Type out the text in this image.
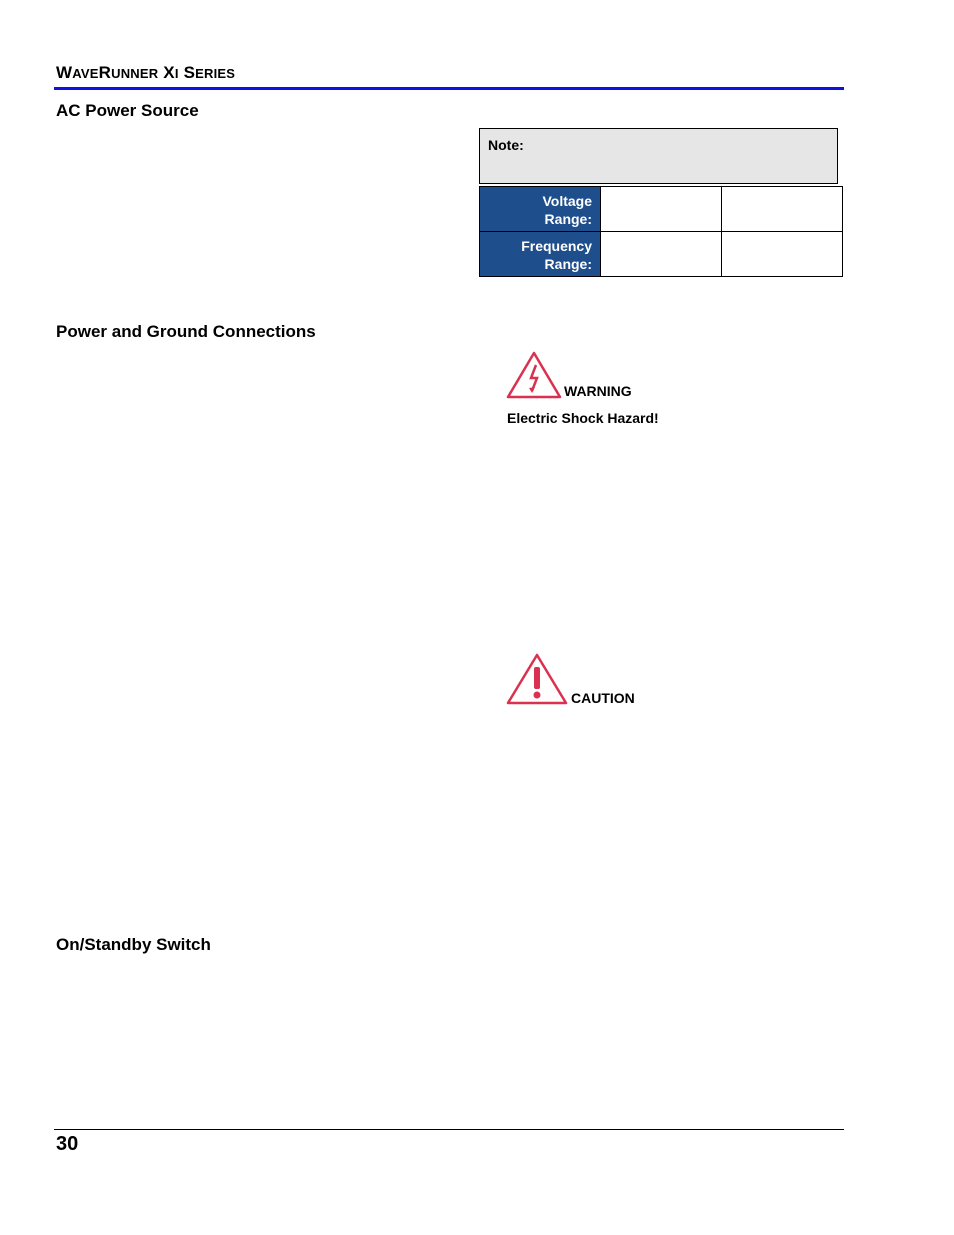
WAVERUNNER XI SERIES
AC Power Source
Note:
Voltage
Range:		
Frequency
Range:		
Power and Ground Connections
WARNING
Electric Shock Hazard!
CAUTION
On/Standby Switch
30
